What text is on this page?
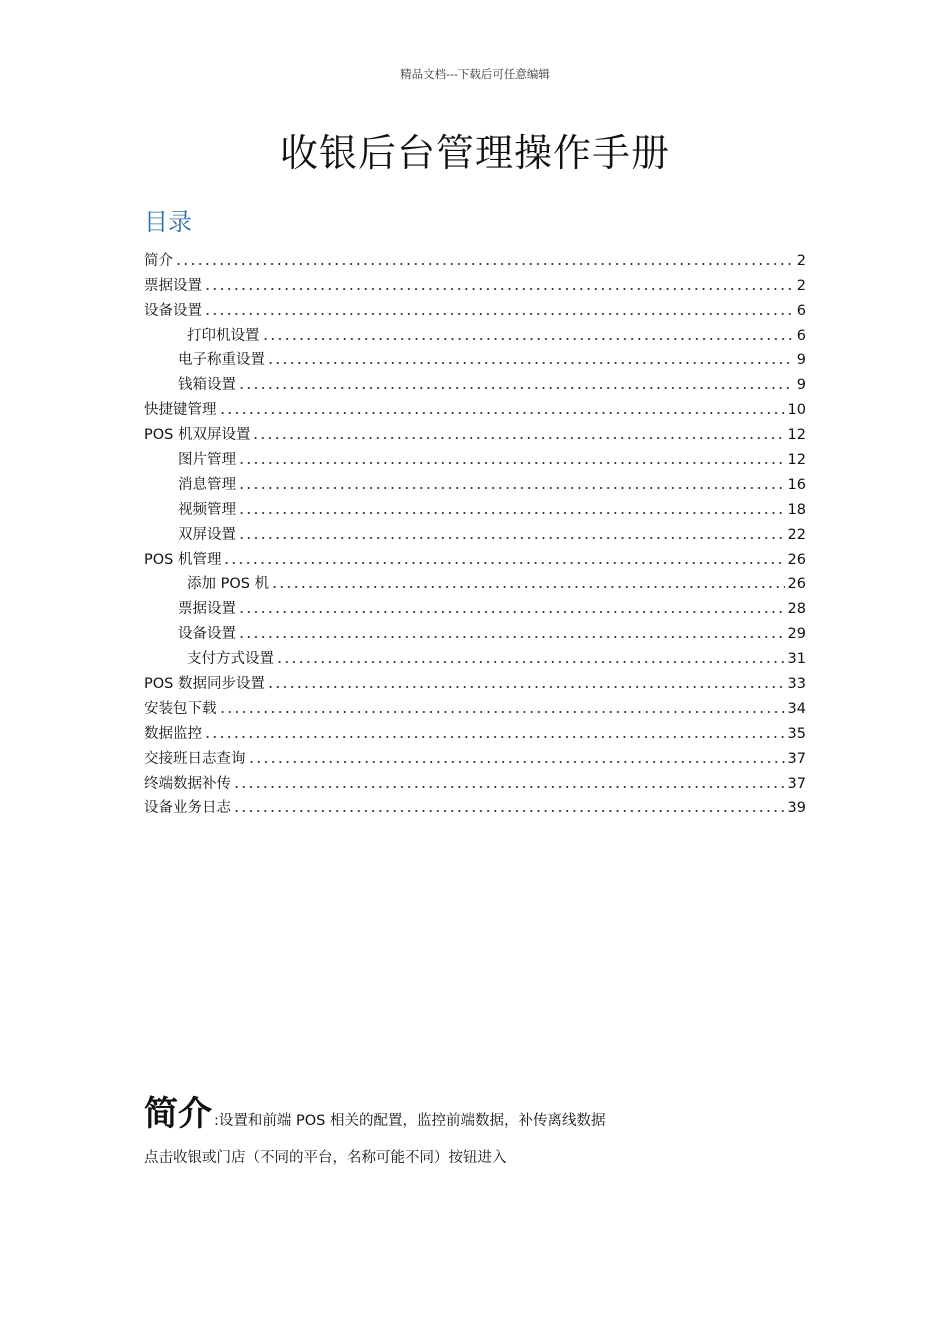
精品文档---下载后可任意编辑
收银后台管理操作手册
目录
简介	2
票据设置	2
设备设置	6
打印机设置	6
电子称重设置	9
钱箱设置	9
快捷键管理	10
POS 机双屏设置	12
图片管理	12
消息管理	16
视频管理	18
双屏设置	22
POS 机管理	26
添加 POS 机	26
票据设置	28
设备设置	29
支付方式设置	31
POS 数据同步设置	33
安装包下载	34
数据监控	35
交接班日志查询	37
终端数据补传	37
设备业务日志	39
简介 :设置和前端 POS 相关的配置，监控前端数据，补传离线数据
点击收银或门店（不同的平台，名称可能不同）按钮进入
